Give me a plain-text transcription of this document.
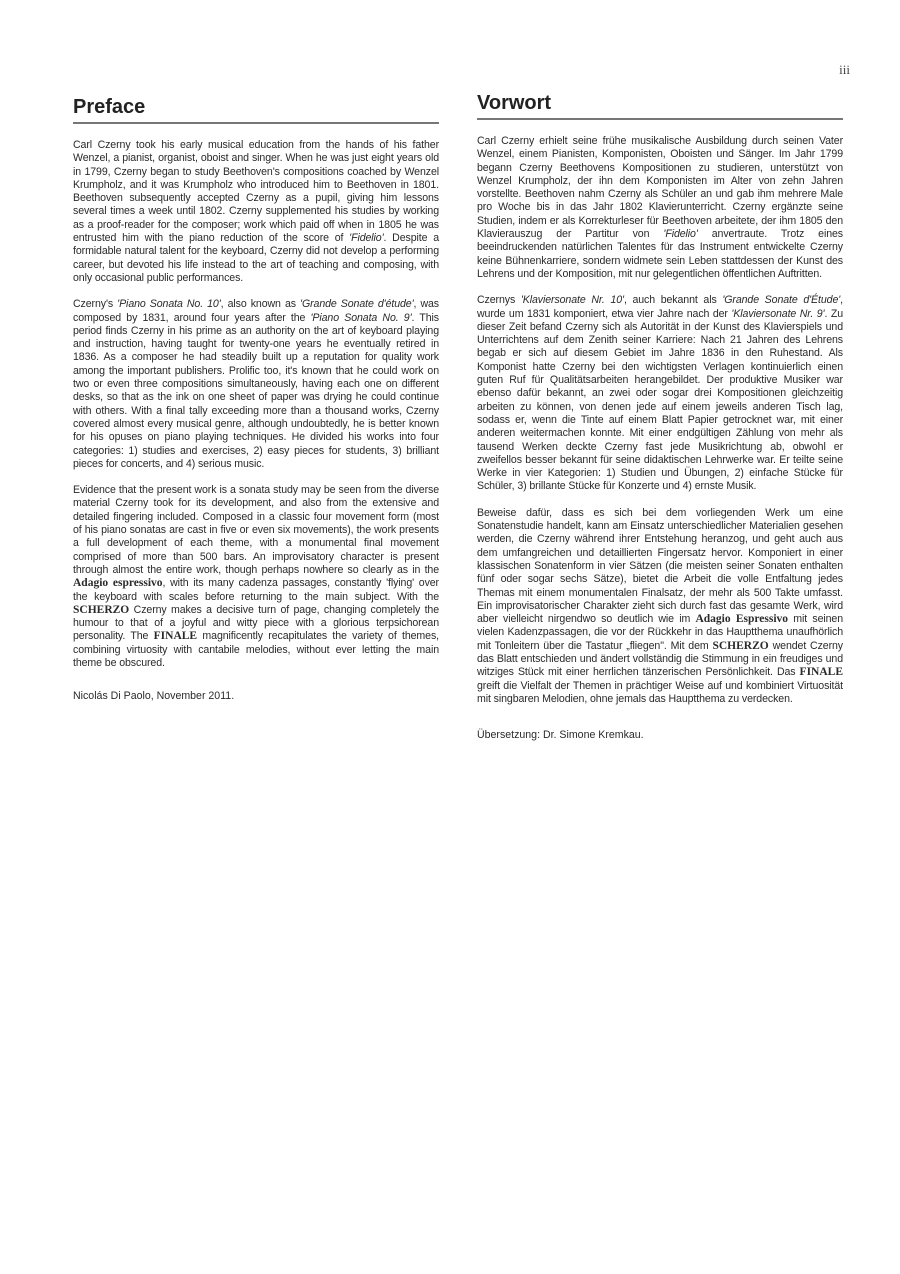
iii
Preface

Carl Czerny took his early musical education from the hands of his father Wenzel, a pianist, organist, oboist and singer. When he was just eight years old in 1799, Czerny began to study Beethoven's compositions coached by Wenzel Krumpholz, and it was Krumpholz who introduced him to Beethoven in 1801. Beethoven subsequently accepted Czerny as a pupil, giving him lessons several times a week until 1802. Czerny supplemented his studies by working as a proof-reader for the composer; work which paid off when in 1805 he was entrusted him with the piano reduction of the score of 'Fidelio'. Despite a formidable natural talent for the keyboard, Czerny did not develop a performing career, but devoted his life instead to the art of teaching and composing, with only occasional public performances.

Czerny's 'Piano Sonata No. 10', also known as 'Grande Sonate d'étude', was composed by 1831, around four years after the 'Piano Sonata No. 9'. This period finds Czerny in his prime as an authority on the art of keyboard playing and instruction, having taught for twenty-one years he eventually retired in 1836. As a composer he had steadily built up a reputation for quality work among the important publishers. Prolific too, it's known that he could work on two or even three compositions simultaneously, having each one on different desks, so that as the ink on one sheet of paper was drying he could continue with others. With a final tally exceeding more than a thousand works, Czerny covered almost every musical genre, although undoubtedly, he is better known for his opuses on piano playing techniques. He divided his works into four categories: 1) studies and exercises, 2) easy pieces for students, 3) brilliant pieces for concerts, and 4) serious music.

Evidence that the present work is a sonata study may be seen from the diverse material Czerny took for its development, and also from the extensive and detailed fingering included. Composed in a classic four movement form (most of his piano sonatas are cast in five or even six movements), the work presents a full development of each theme, with a monumental final movement comprised of more than 500 bars. An improvisatory character is present through almost the entire work, though perhaps nowhere so clearly as in the Adagio espressivo, with its many cadenza passages, constantly 'flying' over the keyboard with scales before returning to the main subject. With the SCHERZO Czerny makes a decisive turn of page, changing completely the humour to that of a joyful and witty piece with a glorious terpsichorean personality. The FINALE magnificently recapitulates the variety of themes, combining virtuosity with cantabile melodies, without ever letting the main theme be obscured.

Nicolás Di Paolo, November 2011.
Vorwort

Carl Czerny erhielt seine frühe musikalische Ausbildung durch seinen Vater Wenzel, einem Pianisten, Komponisten, Oboisten und Sänger. Im Jahr 1799 begann Czerny Beethovens Kompositionen zu studieren, unterstützt von Wenzel Krumpholz, der ihn dem Komponisten im Alter von zehn Jahren vorstellte. Beethoven nahm Czerny als Schüler an und gab ihm mehrere Male pro Woche bis in das Jahr 1802 Klavierunterricht. Czerny ergänzte seine Studien, indem er als Korrekturleser für Beethoven arbeitete, der ihm 1805 den Klavierauszug der Partitur von 'Fidelio' anvertraute. Trotz eines beeindruckenden natürlichen Talentes für das Instrument entwickelte Czerny keine Bühnenkarriere, sondern widmete sein Leben stattdessen der Kunst des Lehrens und der Komposition, mit nur gelegentlichen öffentlichen Auftritten.

Czernys 'Klaviersonate Nr. 10', auch bekannt als 'Grande Sonate d'Étude', wurde um 1831 komponiert, etwa vier Jahre nach der 'Klaviersonate Nr. 9'. Zu dieser Zeit befand Czerny sich als Autorität in der Kunst des Klavierspiels und Unterrichtens auf dem Zenith seiner Karriere: Nach 21 Jahren des Lehrens begab er sich auf diesem Gebiet im Jahre 1836 in den Ruhestand. Als Komponist hatte Czerny bei den wichtigsten Verlagen kontinuierlich einen guten Ruf für Qualitätsarbeiten herangebildet. Der produktive Musiker war ebenso dafür bekannt, an zwei oder sogar drei Kompositionen gleichzeitig arbeiten zu können, von denen jede auf einem jeweils anderen Tisch lag, sodass er, wenn die Tinte auf einem Blatt Papier getrocknet war, mit einer anderen weitermachen konnte. Mit einer endgültigen Zählung von mehr als tausend Werken deckte Czerny fast jede Musikrichtung ab, obwohl er zweifellos besser bekannt für seine didaktischen Lehrwerke war. Er teilte seine Werke in vier Kategorien: 1) Studien und Übungen, 2) einfache Stücke für Schüler, 3) brillante Stücke für Konzerte und 4) ernste Musik.

Beweise dafür, dass es sich bei dem vorliegenden Werk um eine Sonatenstudie handelt, kann am Einsatz unterschiedlicher Materialien gesehen werden, die Czerny während ihrer Entstehung heranzog, und geht auch aus dem umfangreichen und detaillierten Fingersatz hervor. Komponiert in einer klassischen Sonatenform in vier Sätzen (die meisten seiner Sonaten enthalten fünf oder sogar sechs Sätze), bietet die Arbeit die volle Entfaltung jedes Themas mit einem monumentalen Finalsatz, der mehr als 500 Takte umfasst. Ein improvisatorischer Charakter zieht sich durch fast das gesamte Werk, wird aber vielleicht nirgendwo so deutlich wie im Adagio Espressivo mit seinen vielen Kadenzpassagen, die vor der Rückkehr in das Hauptthema unaufhörlich mit Tonleitern über die Tastatur „fliegen". Mit dem SCHERZO wendet Czerny das Blatt entschieden und ändert vollständig die Stimmung in ein freudiges und witziges Stück mit einer herrlichen tänzerischen Persönlichkeit. Das FINALE greift die Vielfalt der Themen in prächtiger Weise auf und kombiniert Virtuosität mit singbaren Melodien, ohne jemals das Hauptthema zu verdecken.

Übersetzung: Dr. Simone Kremkau.
